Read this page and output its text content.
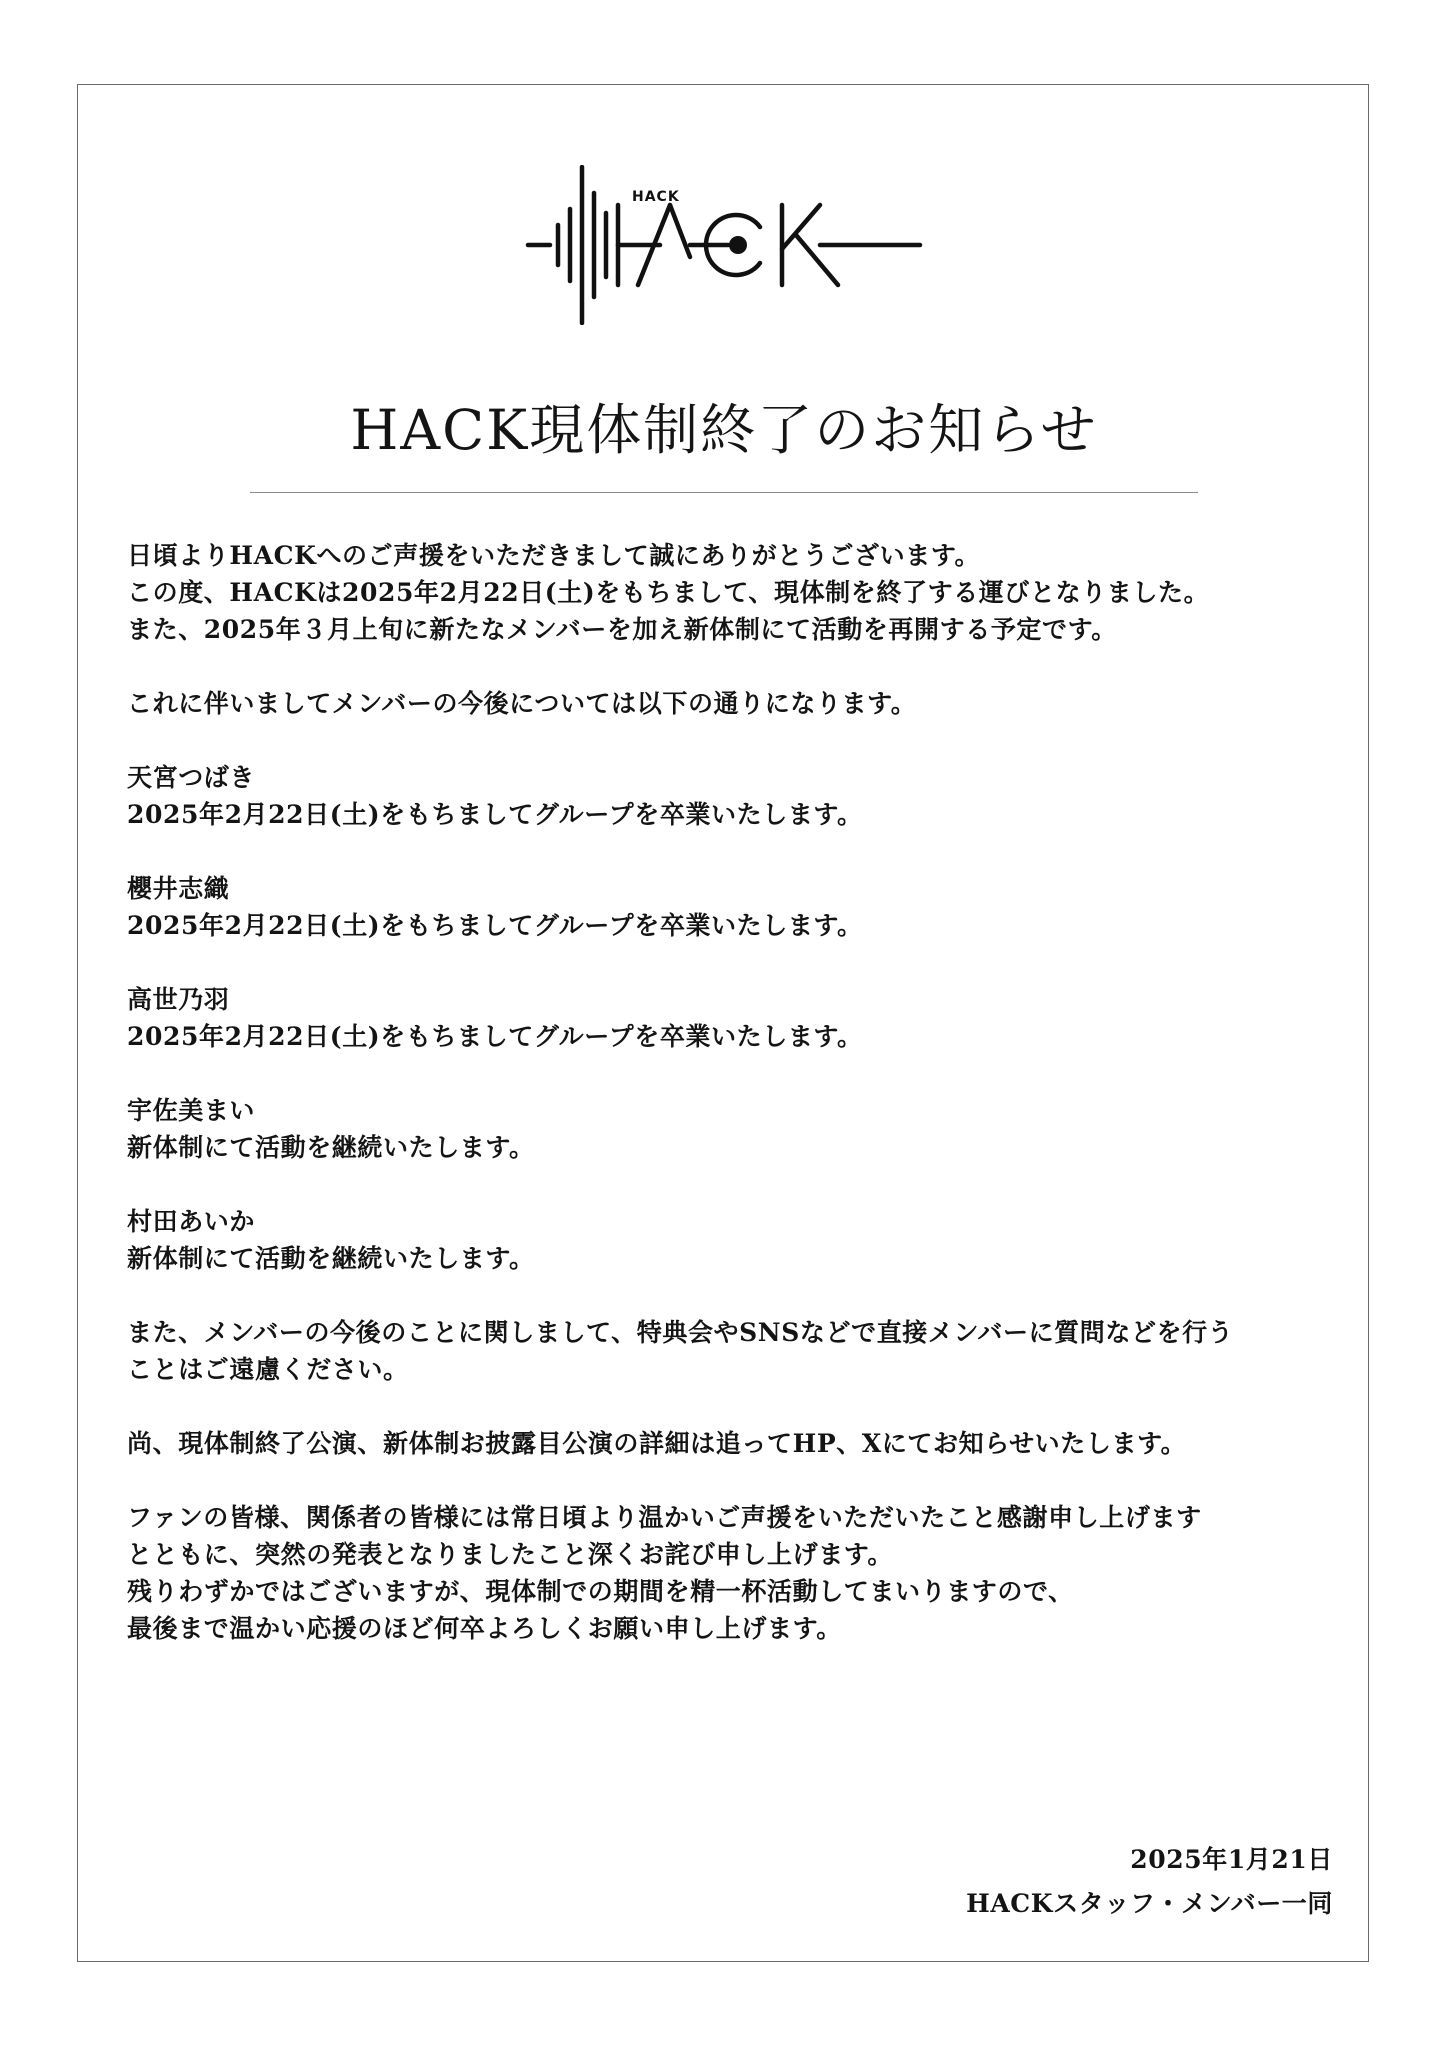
HACK
HACK現体制終了のお知らせ

日頃よりHACKへのご声援をいただきまして誠にありがとうございます。
この度、HACKは2025年2月22日(土)をもちまして、現体制を終了する運びとなりました。
また、2025年３月上旬に新たなメンバーを加え新体制にて活動を再開する予定です。

これに伴いましてメンバーの今後については以下の通りになります。

天宮つばき
2025年2月22日(土)をもちましてグループを卒業いたします。

櫻井志織
2025年2月22日(土)をもちましてグループを卒業いたします。

高世乃羽
2025年2月22日(土)をもちましてグループを卒業いたします。

宇佐美まい
新体制にて活動を継続いたします。

村田あいか
新体制にて活動を継続いたします。

また、メンバーの今後のことに関しまして、特典会やSNSなどで直接メンバーに質問などを行う
ことはご遠慮ください。

尚、現体制終了公演、新体制お披露目公演の詳細は追ってHP、Xにてお知らせいたします。

ファンの皆様、関係者の皆様には常日頃より温かいご声援をいただいたこと感謝申し上げます
とともに、突然の発表となりましたこと深くお詫び申し上げます。
残りわずかではございますが、現体制での期間を精一杯活動してまいりますので、
最後まで温かい応援のほど何卒よろしくお願い申し上げます。

2025年1月21日
HACKスタッフ・メンバー一同
